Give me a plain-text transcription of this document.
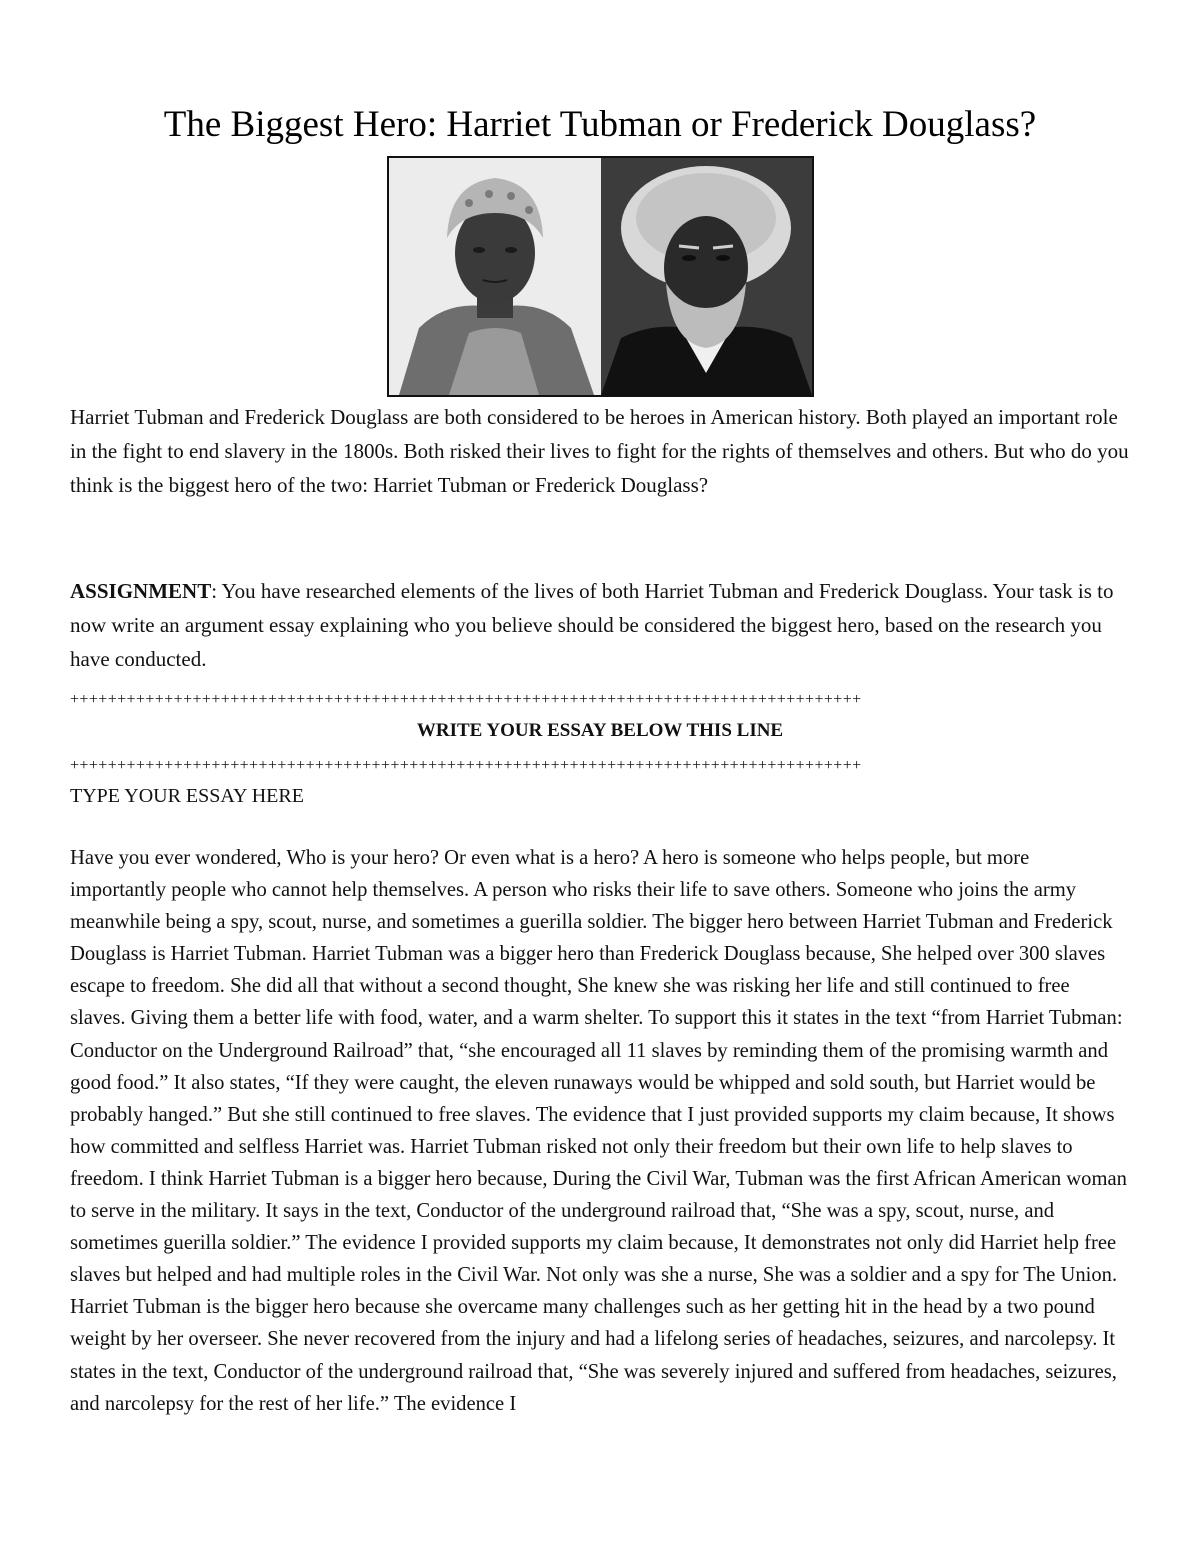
The Biggest Hero: Harriet Tubman or Frederick Douglass?

Harriet Tubman and Frederick Douglass are both considered to be heroes in American history. Both played an important role in the fight to end slavery in the 1800s. Both risked their lives to fight for the rights of themselves and others. But who do you think is the biggest hero of the two: Harriet Tubman or Frederick Douglass?

ASSIGNMENT: You have researched elements of the lives of both Harriet Tubman and Frederick Douglass. Your task is to now write an argument essay explaining who you believe should be considered the biggest hero, based on the research you have conducted.

++++++++++++++++++++++++++++++++++++++++++++++++++++++++++++++++++++++++++++++++++++
WRITE YOUR ESSAY BELOW THIS LINE
++++++++++++++++++++++++++++++++++++++++++++++++++++++++++++++++++++++++++++++++++++
TYPE YOUR ESSAY HERE

Have you ever wondered, Who is your hero? Or even what is a hero? A hero is someone who helps people, but more importantly people who cannot help themselves. A person who risks their life to save others. Someone who joins the army meanwhile being a spy, scout, nurse, and sometimes a guerilla soldier. The bigger hero between Harriet Tubman and Frederick Douglass is Harriet Tubman. Harriet Tubman was a bigger hero than Frederick Douglass because, She helped over 300 slaves escape to freedom. She did all that without a second thought, She knew she was risking her life and still continued to free slaves. Giving them a better life with food, water, and a warm shelter. To support this it states in the text “from Harriet Tubman: Conductor on the Underground Railroad” that, “she encouraged all 11 slaves by reminding them of the promising warmth and good food.” It also states, “If they were caught, the eleven runaways would be whipped and sold south, but Harriet would be probably hanged.” But she still continued to free slaves. The evidence that I just provided supports my claim because, It shows how committed and selfless Harriet was. Harriet Tubman risked not only their freedom but their own life to help slaves to freedom. I think Harriet Tubman is a bigger hero because, During the Civil War, Tubman was the first African American woman to serve in the military. It says in the text, Conductor of the underground railroad that, “She was a spy, scout, nurse, and sometimes guerilla soldier.” The evidence I provided supports my claim because, It demonstrates not only did Harriet help free slaves but helped and had multiple roles in the Civil War. Not only was she a nurse, She was a soldier and a spy for The Union. Harriet Tubman is the bigger hero because she overcame many challenges such as her getting hit in the head by a two pound weight by her overseer. She never recovered from the injury and had a lifelong series of headaches, seizures, and narcolepsy. It states in the text, Conductor of the underground railroad that, “She was severely injured and suffered from headaches, seizures, and narcolepsy for the rest of her life.” The evidence I
